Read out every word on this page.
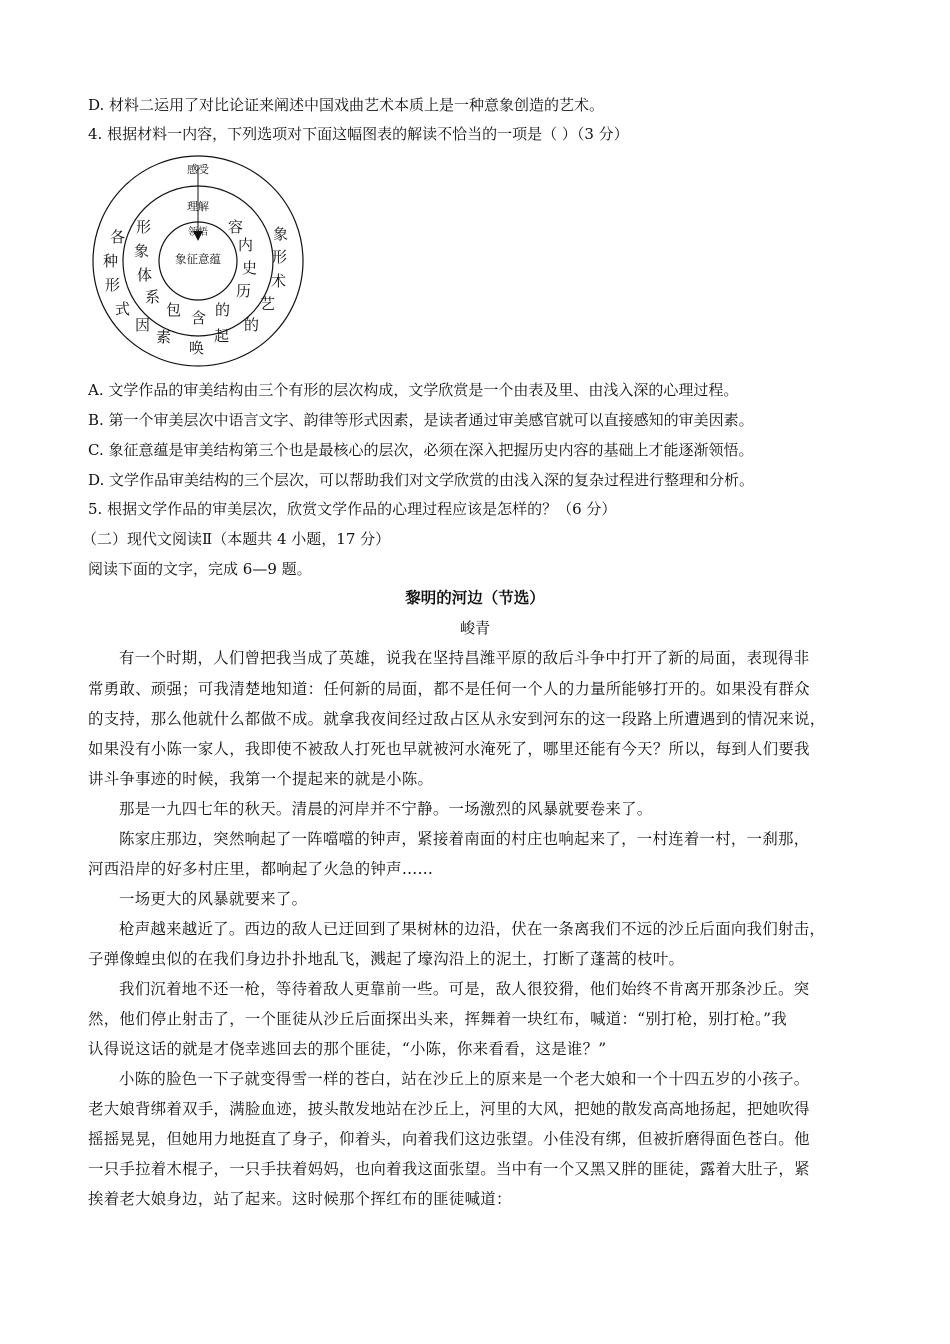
D. 材料二运用了对比论证来阐述中国戏曲艺术本质上是一种意象创造的艺术。
4. 根据材料一内容，下列选项对下面这幅图表的解读不恰当的一项是（ ）（3 分）
感受
理解
领悟
象征意蕴
各
种
形
式
因
素
唤
起
的
艺
术
形
象
形
象
体
系
包 含 的
历
史
内
容
A. 文学作品的审美结构由三个有形的层次构成，文学欣赏是一个由表及里、由浅入深的心理过程。
B. 第一个审美层次中语言文字、韵律等形式因素，是读者通过审美感官就可以直接感知的审美因素。
C. 象征意蕴是审美结构第三个也是最核心的层次，必须在深入把握历史内容的基础上才能逐渐领悟。
D. 文学作品审美结构的三个层次，可以帮助我们对文学欣赏的由浅入深的复杂过程进行整理和分析。
5. 根据文学作品的审美层次，欣赏文学作品的心理过程应该是怎样的？（6 分）
（二）现代文阅读Ⅱ（本题共 4 小题，17 分）
阅读下面的文字，完成 6—9 题。
黎明的河边（节选）
峻青
有一个时期，人们曾把我当成了英雄，说我在坚持昌潍平原的敌后斗争中打开了新的局面，表现得非
常勇敢、顽强；可我清楚地知道：任何新的局面，都不是任何一个人的力量所能够打开的。如果没有群众
的支持，那么他就什么都做不成。就拿我夜间经过敌占区从永安到河东的这一段路上所遭遇到的情况来说，
如果没有小陈一家人，我即使不被敌人打死也早就被河水淹死了，哪里还能有今天？所以，每到人们要我
讲斗争事迹的时候，我第一个提起来的就是小陈。
那是一九四七年的秋天。清晨的河岸并不宁静。一场激烈的风暴就要卷来了。
陈家庄那边，突然响起了一阵噹噹的钟声，紧接着南面的村庄也响起来了，一村连着一村，一刹那，
河西沿岸的好多村庄里，都响起了火急的钟声……
一场更大的风暴就要来了。
枪声越来越近了。西边的敌人已迂回到了果树林的边沿，伏在一条离我们不远的沙丘后面向我们射击，
子弹像蝗虫似的在我们身边扑扑地乱飞，溅起了壕沟沿上的泥土，打断了蓬蒿的枝叶。
我们沉着地不还一枪，等待着敌人更靠前一些。可是，敌人很狡猾，他们始终不肯离开那条沙丘。突
然，他们停止射击了，一个匪徒从沙丘后面探出头来，挥舞着一块红布，喊道：“别打枪，别打枪。”我
认得说这话的就是才侥幸逃回去的那个匪徒，“小陈，你来看看，这是谁？”
小陈的脸色一下子就变得雪一样的苍白，站在沙丘上的原来是一个老大娘和一个十四五岁的小孩子。
老大娘背绑着双手，满脸血迹，披头散发地站在沙丘上，河里的大风，把她的散发高高地扬起，把她吹得
摇摇晃晃，但她用力地挺直了身子，仰着头，向着我们这边张望。小佳没有绑，但被折磨得面色苍白。他
一只手拉着木棍子，一只手扶着妈妈，也向着我这面张望。当中有一个又黑又胖的匪徒，露着大肚子，紧
挨着老大娘身边，站了起来。这时候那个挥红布的匪徒喊道：
